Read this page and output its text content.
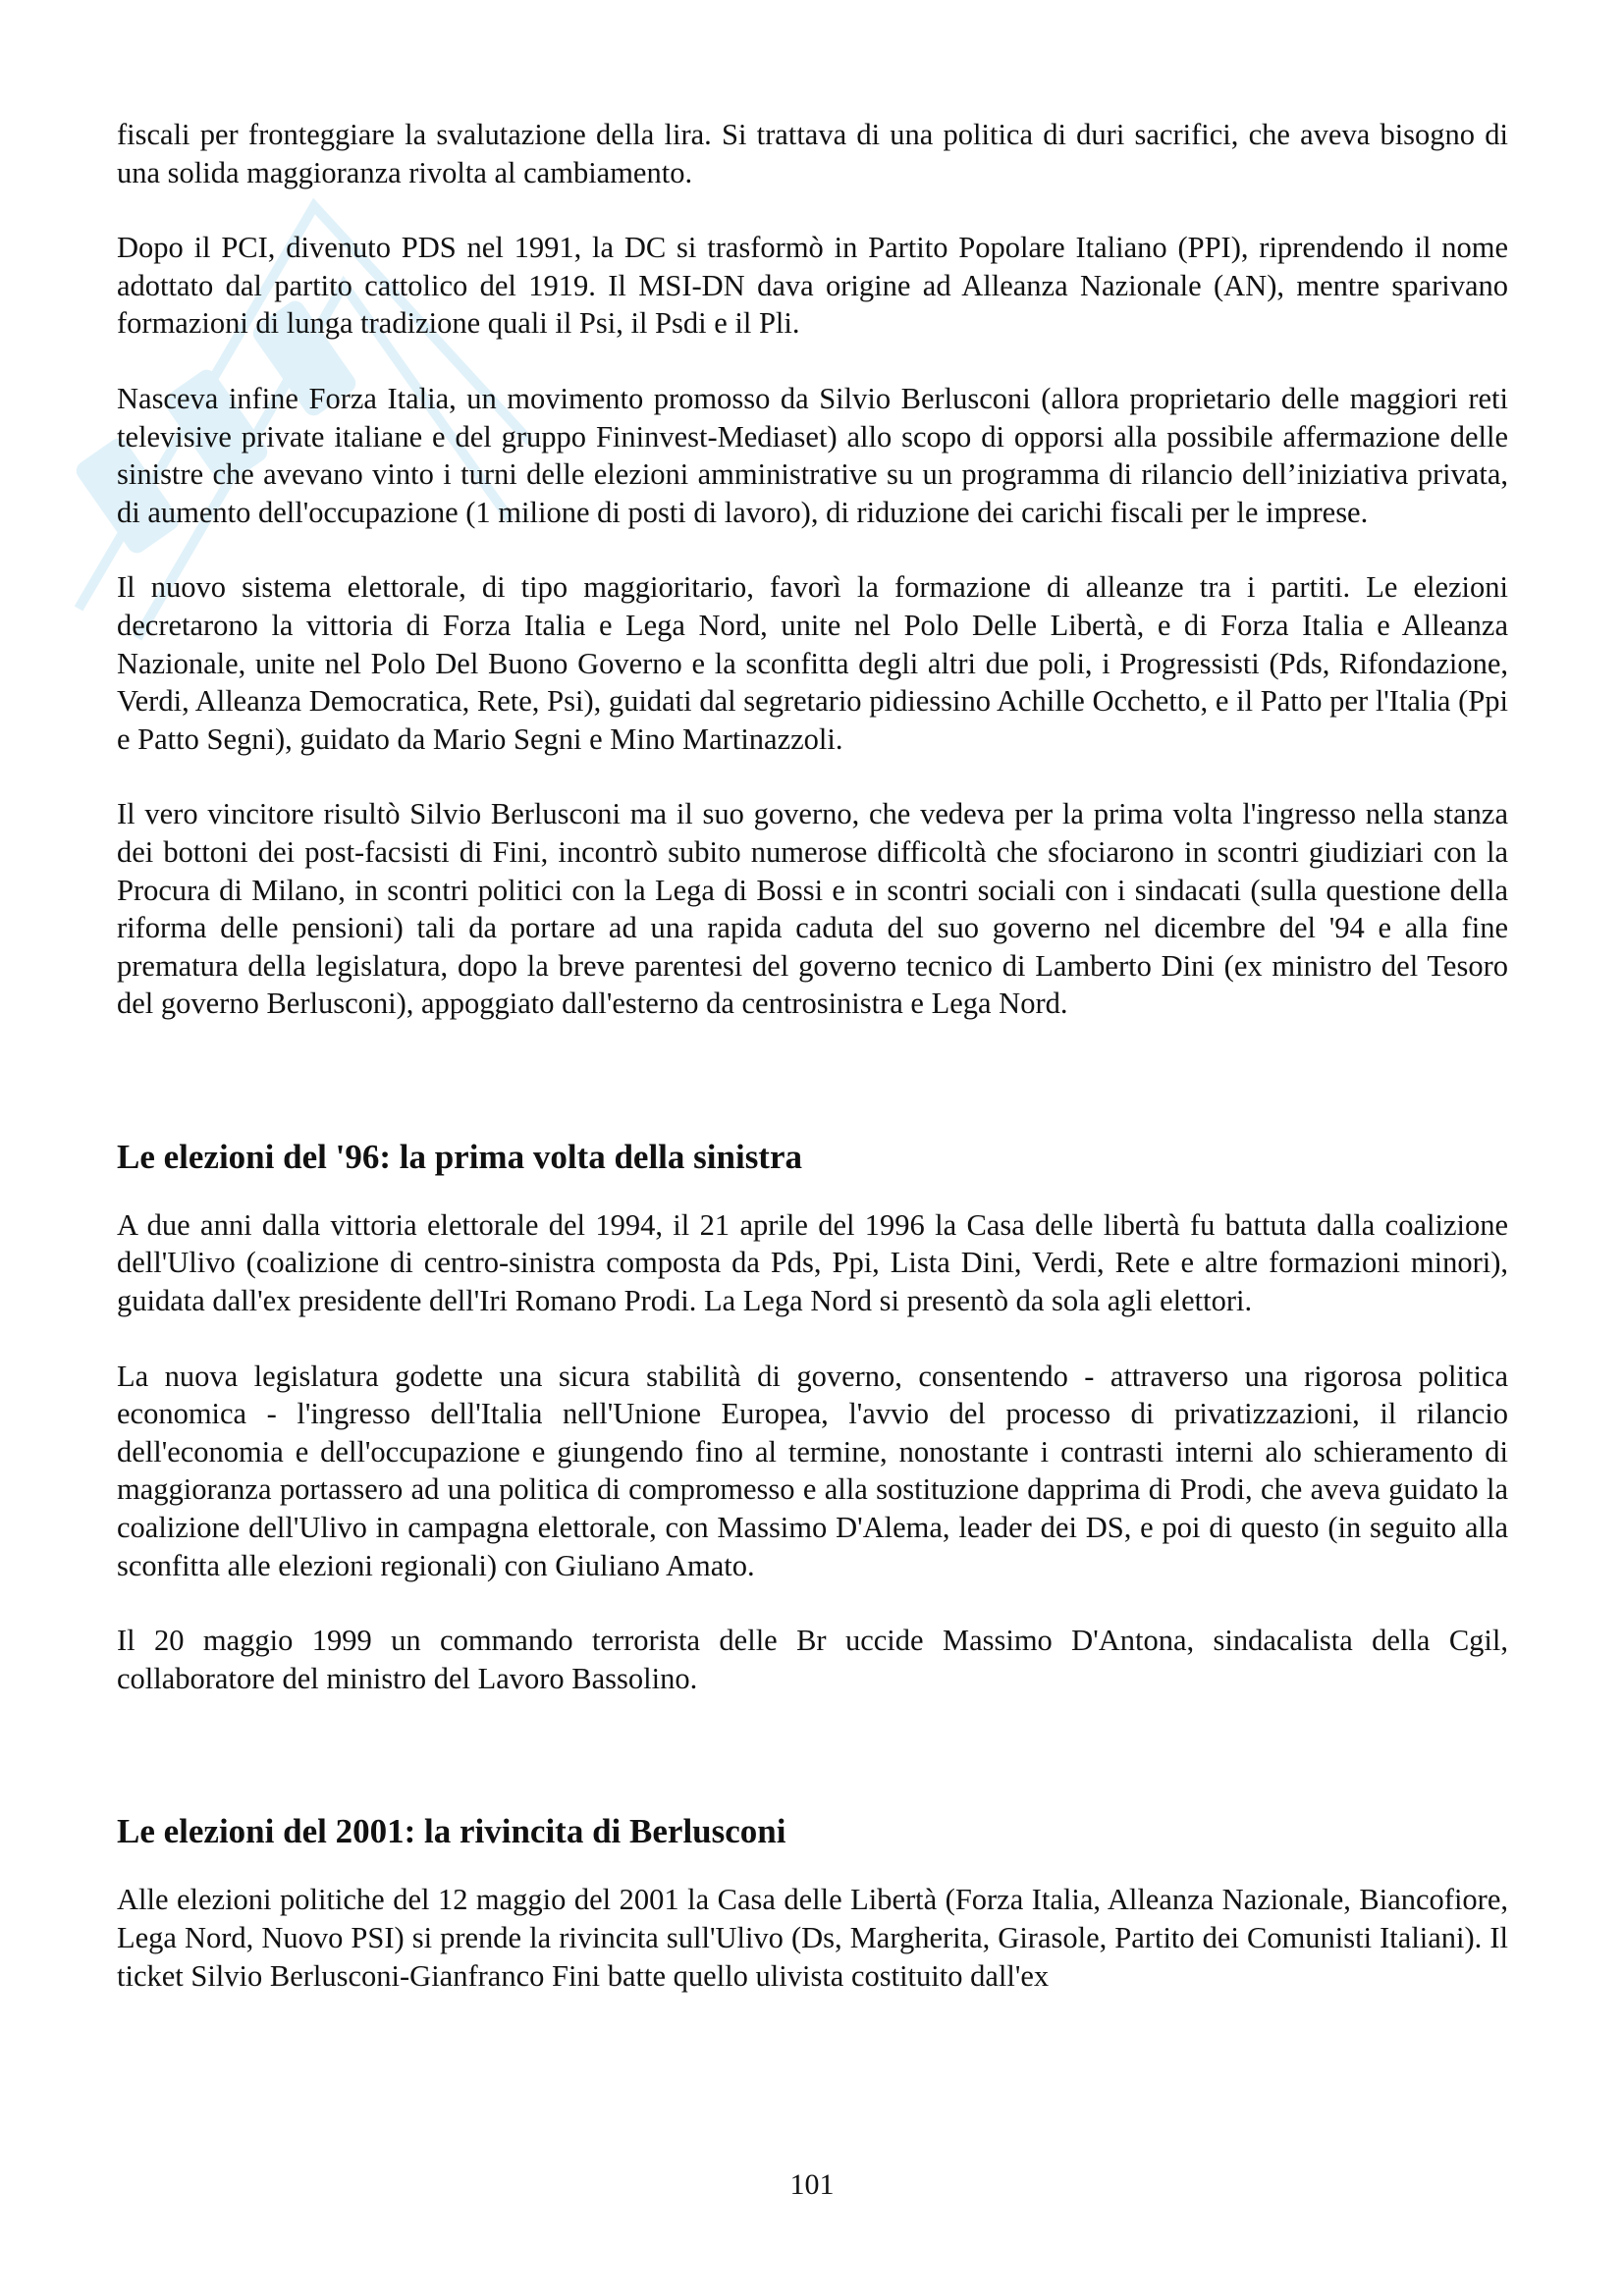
fiscali per fronteggiare la svalutazione della lira. Si trattava di una politica di duri sacrifici, che aveva bisogno di una solida maggioranza rivolta al cambiamento.

Dopo il PCI, divenuto PDS nel 1991, la DC si trasformò in Partito Popolare Italiano (PPI), riprendendo il nome adottato dal partito cattolico del 1919. Il MSI-DN dava origine ad Alleanza Nazionale (AN), mentre sparivano formazioni di lunga tradizione quali il Psi, il Psdi e il Pli.

Nasceva infine Forza Italia, un movimento promosso da Silvio Berlusconi (allora proprietario delle maggiori reti televisive private italiane e del gruppo Fininvest-Mediaset) allo scopo di opporsi alla possibile affermazione delle sinistre che avevano vinto i turni delle elezioni amministrative su un programma di rilancio dell’iniziativa privata, di aumento dell'occupazione (1 milione di posti di lavoro), di riduzione dei carichi fiscali per le imprese.

Il nuovo sistema elettorale, di tipo maggioritario, favorì la formazione di alleanze tra i partiti. Le elezioni decretarono la vittoria di Forza Italia e Lega Nord, unite nel Polo Delle Libertà, e di Forza Italia e Alleanza Nazionale, unite nel Polo Del Buono Governo e la sconfitta degli altri due poli, i Progressisti (Pds, Rifondazione, Verdi, Alleanza Democratica, Rete, Psi), guidati dal segretario pidiessino Achille Occhetto, e il Patto per l'Italia (Ppi e Patto Segni), guidato da Mario Segni e Mino Martinazzoli.

Il vero vincitore risultò Silvio Berlusconi ma il suo governo, che vedeva per la prima volta l'ingresso nella stanza dei bottoni dei post-facsisti di Fini, incontrò subito numerose difficoltà che sfociarono in scontri giudiziari con la Procura di Milano, in scontri politici con la Lega di Bossi e in scontri sociali con i sindacati (sulla questione della riforma delle pensioni) tali da portare ad una rapida caduta del suo governo nel dicembre del '94 e alla fine prematura della legislatura, dopo la breve parentesi del governo tecnico di Lamberto Dini (ex ministro del Tesoro del governo Berlusconi), appoggiato dall'esterno da centrosinistra e Lega Nord.

Le elezioni del '96: la prima volta della sinistra

A due anni dalla vittoria elettorale del 1994, il 21 aprile del 1996 la Casa delle libertà fu battuta dalla coalizione dell'Ulivo (coalizione di centro-sinistra composta da Pds, Ppi, Lista Dini, Verdi, Rete e altre formazioni minori), guidata dall'ex presidente dell'Iri Romano Prodi. La Lega Nord si presentò da sola agli elettori.

La nuova legislatura godette una sicura stabilità di governo, consentendo - attraverso una rigorosa politica economica - l'ingresso dell'Italia nell'Unione Europea, l'avvio del processo di privatizzazioni, il rilancio dell'economia e dell'occupazione e giungendo fino al termine, nonostante i contrasti interni alo schieramento di maggioranza portassero ad una politica di compromesso e alla sostituzione dapprima di Prodi, che aveva guidato la coalizione dell'Ulivo in campagna elettorale, con Massimo D'Alema, leader dei DS, e poi di questo (in seguito alla sconfitta alle elezioni regionali) con Giuliano Amato.

Il 20 maggio 1999 un commando terrorista delle Br uccide Massimo D'Antona, sindacalista della Cgil, collaboratore del ministro del Lavoro Bassolino.

Le elezioni del 2001: la rivincita di Berlusconi

Alle elezioni politiche del 12 maggio del 2001 la Casa delle Libertà (Forza Italia, Alleanza Nazionale, Biancofiore, Lega Nord, Nuovo PSI) si prende la rivincita sull'Ulivo (Ds, Margherita, Girasole, Partito dei Comunisti Italiani). Il ticket Silvio Berlusconi-Gianfranco Fini batte quello ulivista costituito dall'ex

101
